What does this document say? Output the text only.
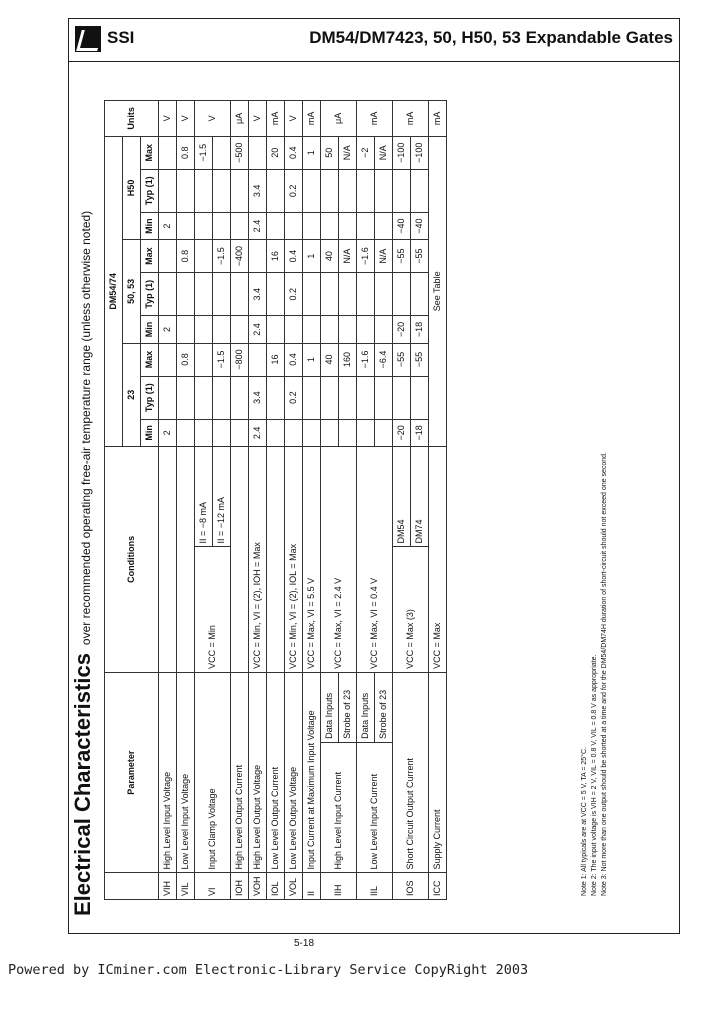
SSI	DM54/DM7423, 50, H50, 53 Expandable Gates
Electrical Characteristicsover recommended operating free-air temperature range (unless otherwise noted)
	Parameter		Conditions		DM54/74									Units
					23			50, 53			H50			
					Min	Typ (1)	Max	Min	Typ (1)	Max	Min	Typ (1)	Max	
VIH	High Level Input Voltage				2			2			2			V
VIL	Low Level Input Voltage						0.8			0.8			0.8	V
VI	Input Clamp Voltage		VCC = Min	II = −8 mA									−1.5	V
				II = −12 mA			−1.5			−1.5				
IOH	High Level Output Current						−800			−400			−500	μA
VOH	High Level Output Voltage		VCC = Min, VI = (2), IOH = Max		2.4	3.4		2.4	3.4		2.4	3.4		V
IOL	Low Level Output Current						16			16			20	mA
VOL	Low Level Output Voltage		VCC = Min, VI = (2), IOL = Max			0.2	0.4		0.2	0.4		0.2	0.4	V
II	Input Current at Maximum Input Voltage		VCC = Max, VI = 5.5 V				1			1			1	mA
IIH	High Level Input Current	Data Inputs	VCC = Max, VI = 2.4 V				40			40			50	μA
		Strobe of 23					160			N/A			N/A	
IIL	Low Level Input Current	Data Inputs	VCC = Max, VI = 0.4 V				−1.6			−1.6			−2	mA
		Strobe of 23					−6.4			N/A			N/A	
IOS	Short Circuit Output Current		VCC = Max (3)	DM54	−20		−55	−20		−55	−40		−100	mA
				DM74	−18		−55	−18		−55	−40		−100	
ICC	Supply Current		VCC = Max		See Table									mA
Note 1: All typicals are at VCC = 5 V, TA = 25°C. Note 2: The input voltage is VIH = 2 V, VIL = 0.8 V, VIL = 0.8 V as appropriate. Note 3: Not more than one output should be shorted at a time and for the DM54/DM74H duration of short-circuit should not exceed one second.
5-18
Powered by ICminer.com Electronic-Library Service CopyRight 2003
